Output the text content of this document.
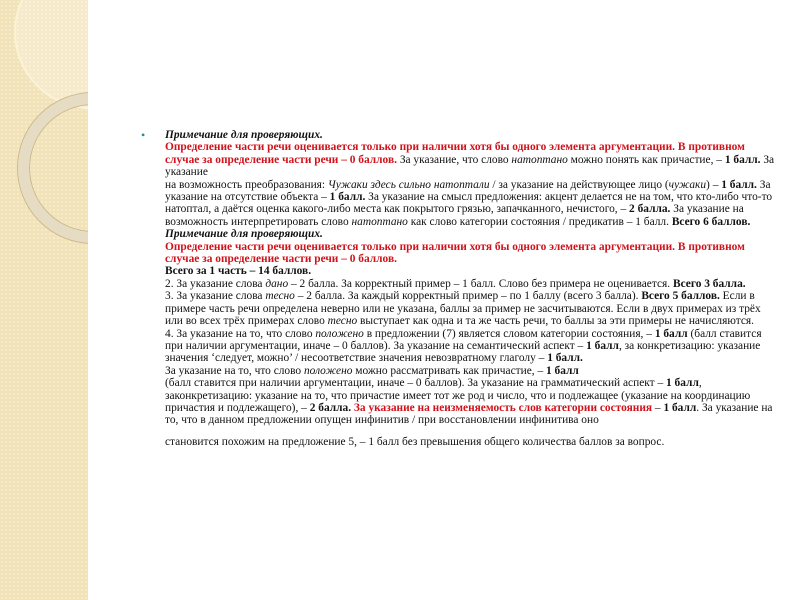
• Примечание для проверяющих.
Определение части речи оценивается только при наличии хотя бы одного элемента аргументации. В противном случае за определение части речи – 0 баллов. За указание, что слово натоптано можно понять как причастие, – 1 балл. За указание
на возможность преобразования: Чужаки здесь сильно натоптали / за указание на действующее лицо (чужаки) – 1 балл. За указание на отсутствие объекта – 1 балл. За указание на смысл предложения: акцент делается не на том, что кто-либо что-то натоптал, а даётся оценка какого-либо места как покрытого грязью, запачканного, нечистого, – 2 балла. За указание на возможность интерпретировать слово натоптано как слово категории состояния / предикатив – 1 балл. Всего 6 баллов.
Примечание для проверяющих.
Определение части речи оценивается только при наличии хотя бы одного элемента аргументации. В противном случае за определение части речи – 0 баллов.
Всего за 1 часть – 14 баллов.
2. За указание слова дано – 2 балла. За корректный пример – 1 балл. Слово без примера не оценивается. Всего 3 балла.
3. За указание слова тесно – 2 балла. За каждый корректный пример – по 1 баллу (всего 3 балла). Всего 5 баллов. Если в примере часть речи определена неверно или не указана, баллы за пример не засчитываются. Если в двух примерах из трёх или во всех трёх примерах слово тесно выступает как одна и та же часть речи, то баллы за эти примеры не начисляются.
4. За указание на то, что слово положено в предложении (7) является словом категории состояния, – 1 балл (балл ставится при наличии аргументации, иначе – 0 баллов). За указание на семантический аспект – 1 балл, за конкретизацию: указание значения ‘следует, можно’ / несоответствие значения невозвратному глаголу – 1 балл.
За указание на то, что слово положено можно рассматривать как причастие, – 1 балл
(балл ставится при наличии аргументации, иначе – 0 баллов). За указание на грамматический аспект – 1 балл, законкретизацию: указание на то, что причастие имеет тот же род и число, что и подлежащее (указание на координацию причастия и подлежащего), – 2 балла. За указание на неизменяемость слов категории состояния – 1 балл. За указание на то, что в данном предложении опущен инфинитив / при восстановлении инфинитива оно
становится похожим на предложение 5, – 1 балл без превышения общего количества баллов за вопрос.
